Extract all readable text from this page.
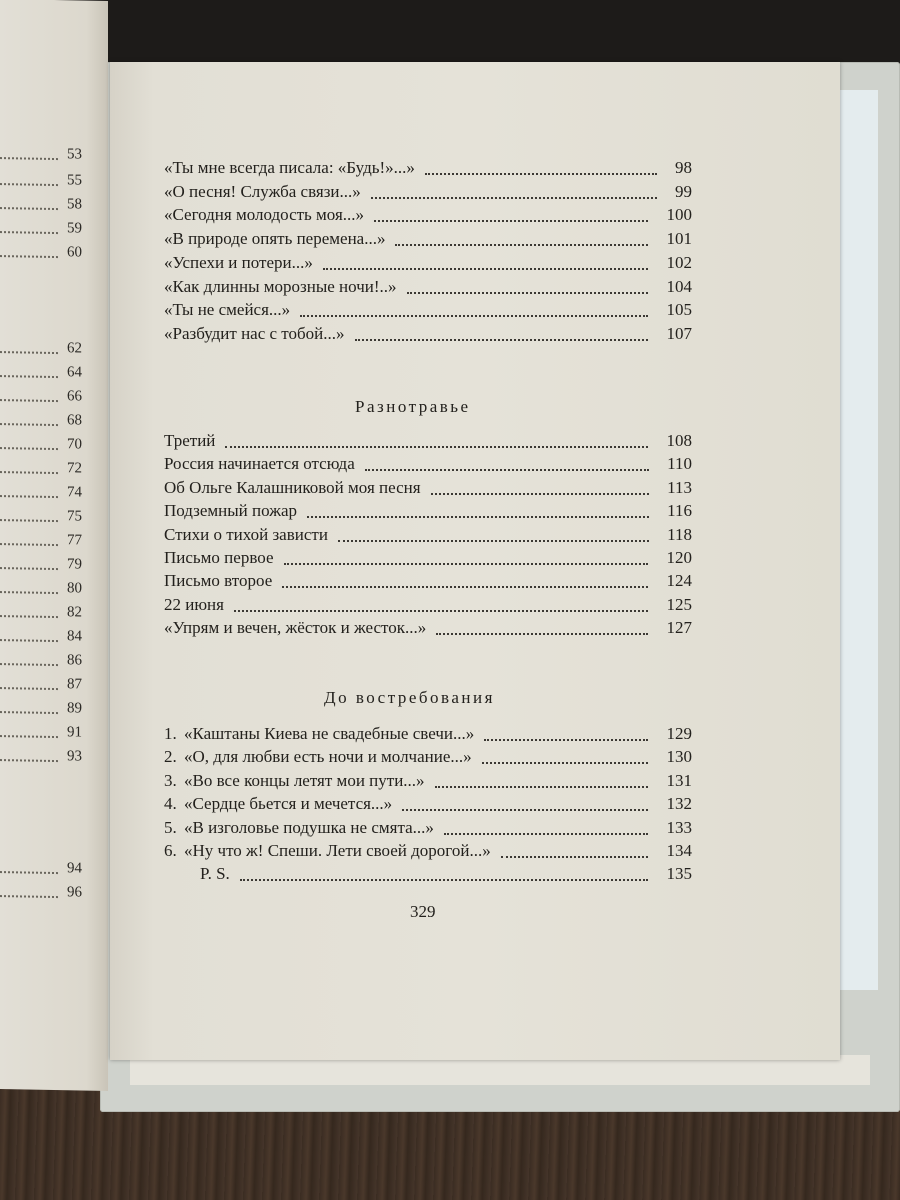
53
55
58
59
60
62
64
66
68
70
72
74
75
77
79
80
82
84
86
87
89
91
93
94
96
«Ты мне всегда писала: «Будь!»...»	98
«О песня! Служба связи...»	99
«Сегодня молодость моя...»	100
«В природе опять перемена...»	101
«Успехи и потери...»	102
«Как длинны морозные ночи!..»	104
«Ты не смейся...»	105
«Разбудит нас с тобой...»	107
Разнотравье
Третий	108
Россия начинается отсюда	110
Об Ольге Калашниковой моя песня	113
Подземный пожар	116
Стихи о тихой зависти	118
Письмо первое	120
Письмо второе	124
22 июня	125
«Упрям и вечен, жёсток и жесток...»	127
До востребования
1. «Каштаны Киева не свадебные свечи...»	129
2. «О, для любви есть ночи и молчание...»	130
3. «Во все концы летят мои пути...»	131
4. «Сердце бьется и мечется...»	132
5. «В изголовье подушка не смята...»	133
6. «Ну что ж! Спеши. Лети своей дорогой...»	134
P. S.	135
329
